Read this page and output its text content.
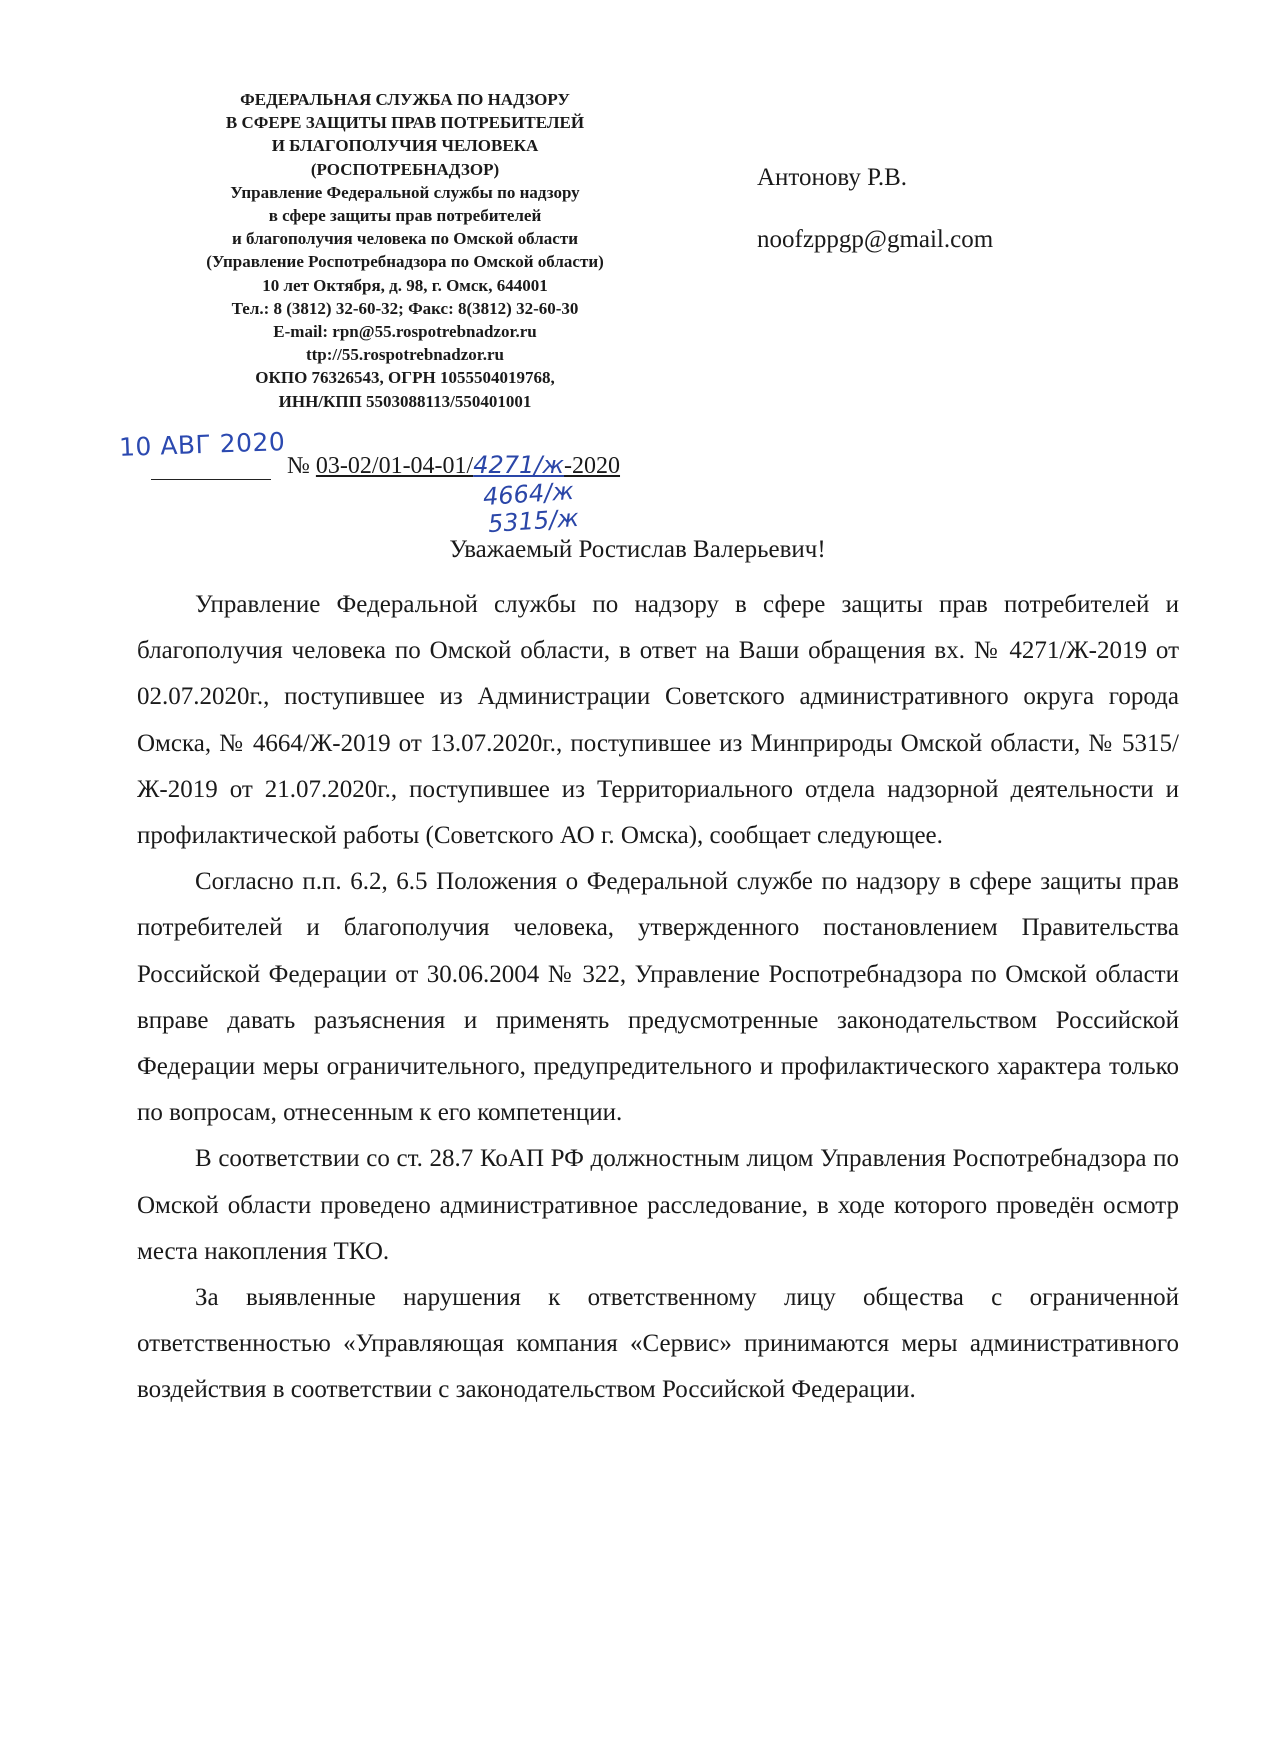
ФЕДЕРАЛЬНАЯ СЛУЖБА ПО НАДЗОРУ
В СФЕРЕ ЗАЩИТЫ ПРАВ ПОТРЕБИТЕЛЕЙ
И БЛАГОПОЛУЧИЯ ЧЕЛОВЕКА
(РОСПОТРЕБНАДЗОР)
Управление Федеральной службы по надзору
в сфере защиты прав потребителей
и благополучия человека по Омской области
(Управление Роспотребнадзора по Омской области)
10 лет Октября, д. 98, г. Омск, 644001
Тел.: 8 (3812) 32-60-32; Факс: 8(3812) 32-60-30
E-mail: rpn@55.rospotrebnadzor.ru
ttp://55.rospotrebnadzor.ru
ОКПО 76326543, ОГРН 1055504019768,
ИНН/КПП 5503088113/550401001
Антонову Р.В.
noofzppgp@gmail.com
10 АВГ 2020
№ 03-02/01-04-01/4271/ж-2020
4664/ж
5315/ж
Уважаемый Ростислав Валерьевич!

Управление Федеральной службы по надзору в сфере защиты прав потребителей и благополучия человека по Омской области, в ответ на Ваши обращения вх. № 4271/Ж-2019 от 02.07.2020г., поступившее из Администрации Советского административного округа города Омска, № 4664/Ж-2019 от 13.07.2020г., поступившее из Минприроды Омской области, № 5315/Ж-2019 от 21.07.2020г., поступившее из Территориального отдела надзорной деятельности и профилактической работы (Советского АО г. Омска), сообщает следующее.

Согласно п.п. 6.2, 6.5 Положения о Федеральной службе по надзору в сфере защиты прав потребителей и благополучия человека, утвержденного постановлением Правительства Российской Федерации от 30.06.2004 № 322, Управление Роспотребнадзора по Омской области вправе давать разъяснения и применять предусмотренные законодательством Российской Федерации меры ограничительного, предупредительного и профилактического характера только по вопросам, отнесенным к его компетенции.

В соответствии со ст. 28.7 КоАП РФ должностным лицом Управления Роспотребнадзора по Омской области проведено административное расследование, в ходе которого проведён осмотр места накопления ТКО.

За выявленные нарушения к ответственному лицу общества с ограниченной ответственностью «Управляющая компания «Сервис» принимаются меры административного воздействия в соответствии с законодательством Российской Федерации.
